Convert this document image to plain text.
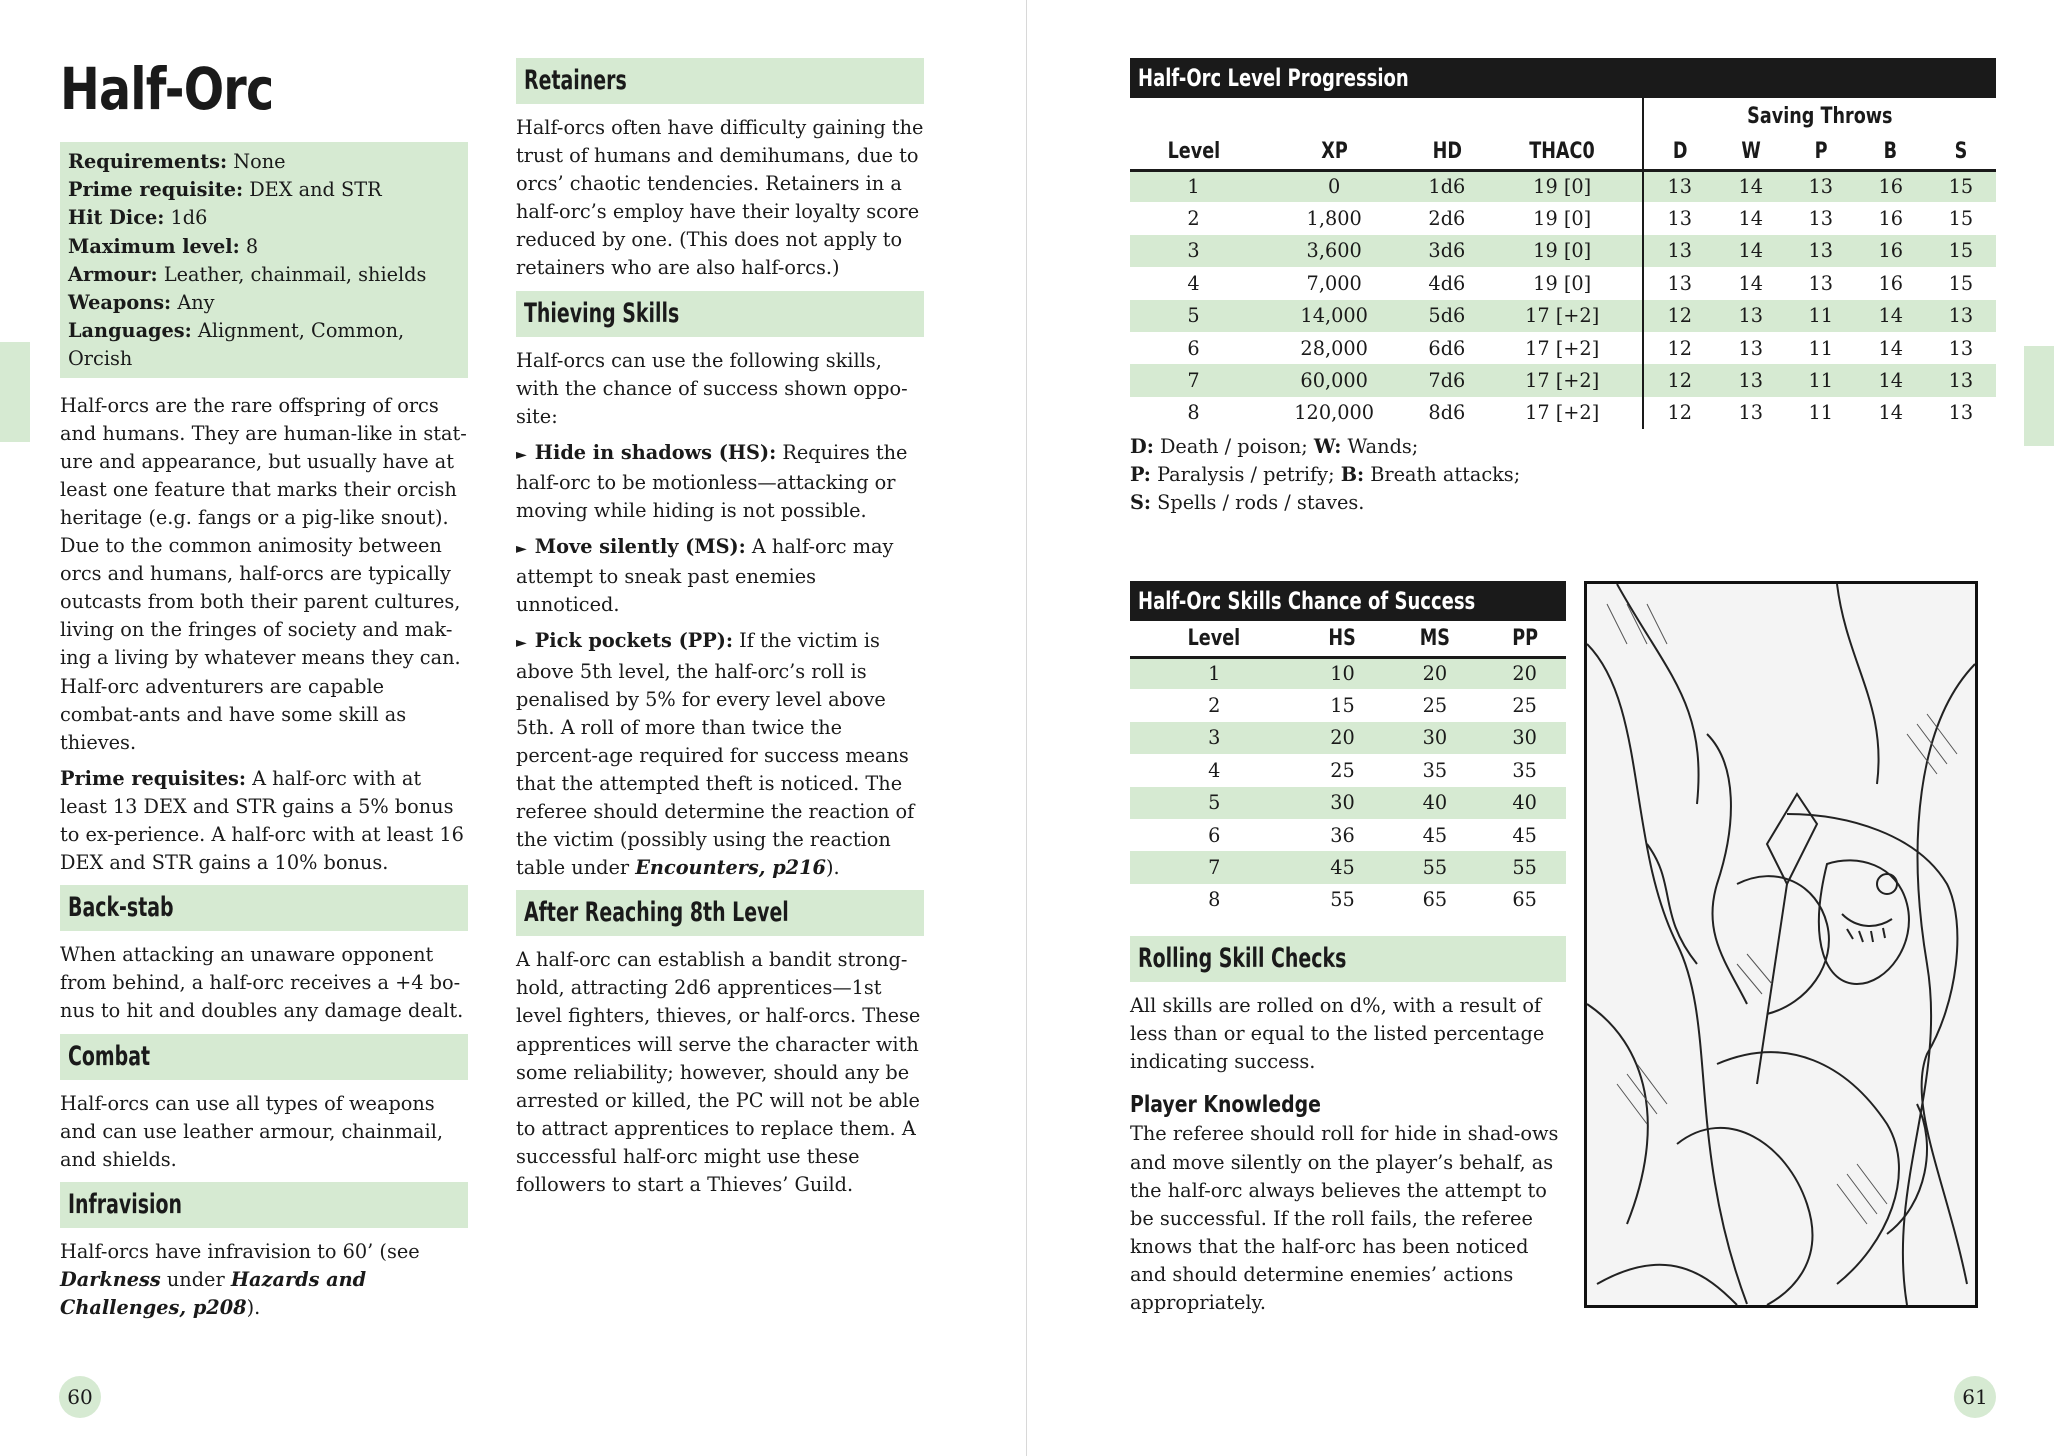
Half-Orc
Requirements: None
Prime requisite: DEX and STR
Hit Dice: 1d6
Maximum level: 8
Armour: Leather, chainmail, shields
Weapons: Any
Languages: Alignment, Common, Orcish

Half-orcs are the rare offspring of orcs and humans. They are human-like in stat-ure and appearance, but usually have at least one feature that marks their orcish heritage (e.g. fangs or a pig-like snout). Due to the common animosity between orcs and humans, half-orcs are typically outcasts from both their parent cultures, living on the fringes of society and mak-ing a living by whatever means they can. Half-orc adventurers are capable combat-ants and have some skill as thieves.

Prime requisites: A half-orc with at least 13 DEX and STR gains a 5% bonus to ex-perience. A half-orc with at least 16 DEX and STR gains a 10% bonus.

Back-stab

When attacking an unaware opponent from behind, a half-orc receives a +4 bo-nus to hit and doubles any damage dealt.

Combat

Half-orcs can use all types of weapons and can use leather armour, chainmail, and shields.

Infravision

Half-orcs have infravision to 60’ (see Darkness under Hazards and Challenges, p208).

Retainers

Half-orcs often have difficulty gaining the trust of humans and demihumans, due to orcs’ chaotic tendencies. Retainers in a half-orc’s employ have their loyalty score reduced by one. (This does not apply to retainers who are also half-orcs.)

Thieving Skills

Half-orcs can use the following skills, with the chance of success shown oppo-site:

► Hide in shadows (HS): Requires the half-orc to be motionless—attacking or moving while hiding is not possible.
► Move silently (MS): A half-orc may attempt to sneak past enemies unnoticed.
► Pick pockets (PP): If the victim is above 5th level, the half-orc’s roll is penalised by 5% for every level above 5th. A roll of more than twice the percent-age required for success means that the attempted theft is noticed. The referee should determine the reaction of the victim (possibly using the reaction table under Encounters, p216).
After Reaching 8th Level

A half-orc can establish a bandit strong-hold, attracting 2d6 apprentices—1st level fighters, thieves, or half-orcs. These apprentices will serve the character with some reliability; however, should any be arrested or killed, the PC will not be able to attract apprentices to replace them. A successful half-orc might use these followers to start a Thieves’ Guild.

60
Half-Orc Level Progression
				Saving Throws				
Level	XP	HD	THAC0	D	W	P	B	S
1	0	1d6	19 [0]	13	14	13	16	15
2	1,800	2d6	19 [0]	13	14	13	16	15
3	3,600	3d6	19 [0]	13	14	13	16	15
4	7,000	4d6	19 [0]	13	14	13	16	15
5	14,000	5d6	17 [+2]	12	13	11	14	13
6	28,000	6d6	17 [+2]	12	13	11	14	13
7	60,000	7d6	17 [+2]	12	13	11	14	13
8	120,000	8d6	17 [+2]	12	13	11	14	13
D: Death / poison; W: Wands;
P: Paralysis / petrify; B: Breath attacks;
S: Spells / rods / staves.
Half-Orc Skills Chance of Success
Level	HS	MS	PP
1	10	20	20
2	15	25	25
3	20	30	30
4	25	35	35
5	30	40	40
6	36	45	45
7	45	55	55
8	55	65	65
Rolling Skill Checks

All skills are rolled on d%, with a result of less than or equal to the listed percentage indicating success.

Player Knowledge

The referee should roll for hide in shad-ows and move silently on the player’s behalf, as the half-orc always believes the attempt to be successful. If the roll fails, the referee knows that the half-orc has been noticed and should determine enemies’ actions appropriately.

61
